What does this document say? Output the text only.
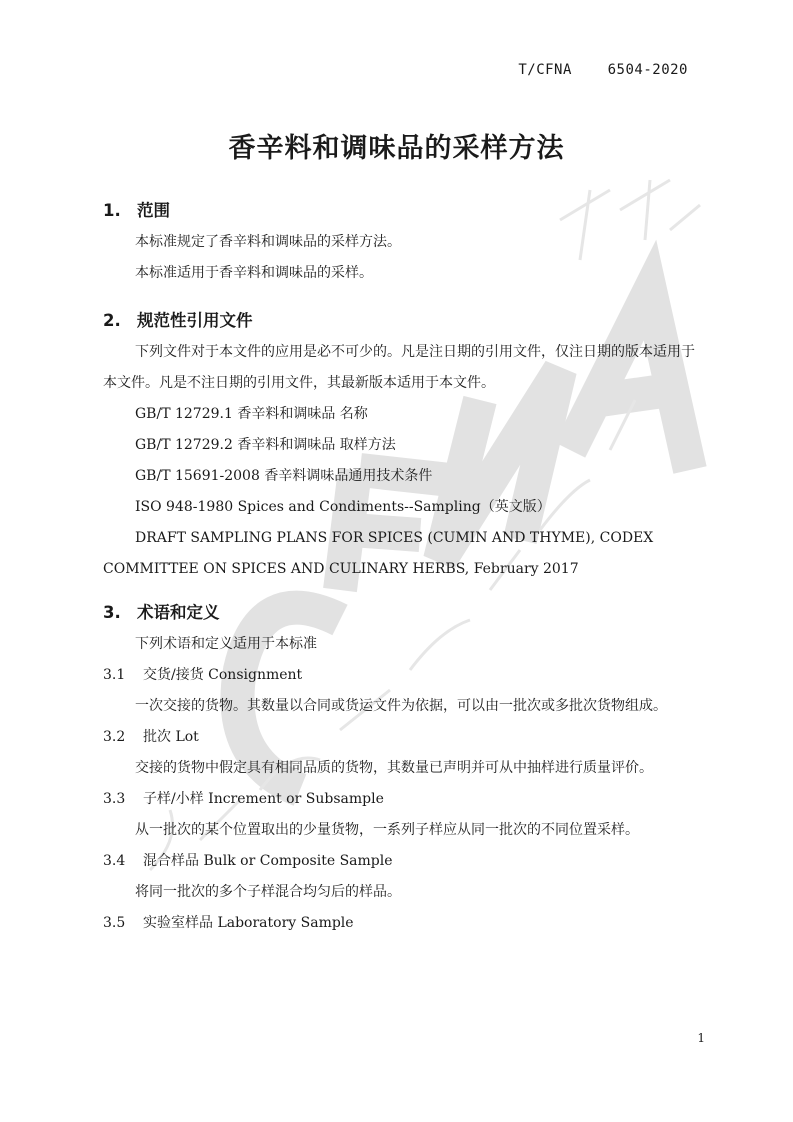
T/CFNA    6504-2020
香辛料和调味品的采样方法
1. 范围

本标准规定了香辛料和调味品的采样方法。

本标准适用于香辛料和调味品的采样。

2. 规范性引用文件

下列文件对于本文件的应用是必不可少的。凡是注日期的引用文件，仅注日期的版本适用于本文件。凡是不注日期的引用文件，其最新版本适用于本文件。

GB/T 12729.1 香辛料和调味品 名称

GB/T 12729.2 香辛料和调味品 取样方法

GB/T 15691-2008 香辛料调味品通用技术条件

ISO 948-1980 Spices and Condiments--Sampling（英文版）

DRAFT SAMPLING PLANS FOR SPICES (CUMIN AND THYME), CODEX COMMITTEE ON SPICES AND CULINARY HERBS, February 2017

3. 术语和定义

下列术语和定义适用于本标准

3.1 交货/接货 Consignment

一次交接的货物。其数量以合同或货运文件为依据，可以由一批次或多批次货物组成。

3.2 批次 Lot

交接的货物中假定具有相同品质的货物，其数量已声明并可从中抽样进行质量评价。

3.3 子样/小样 Increment or Subsample

从一批次的某个位置取出的少量货物，一系列子样应从同一批次的不同位置采样。

3.4 混合样品 Bulk or Composite Sample

将同一批次的多个子样混合均匀后的样品。

3.5 实验室样品 Laboratory Sample

1
